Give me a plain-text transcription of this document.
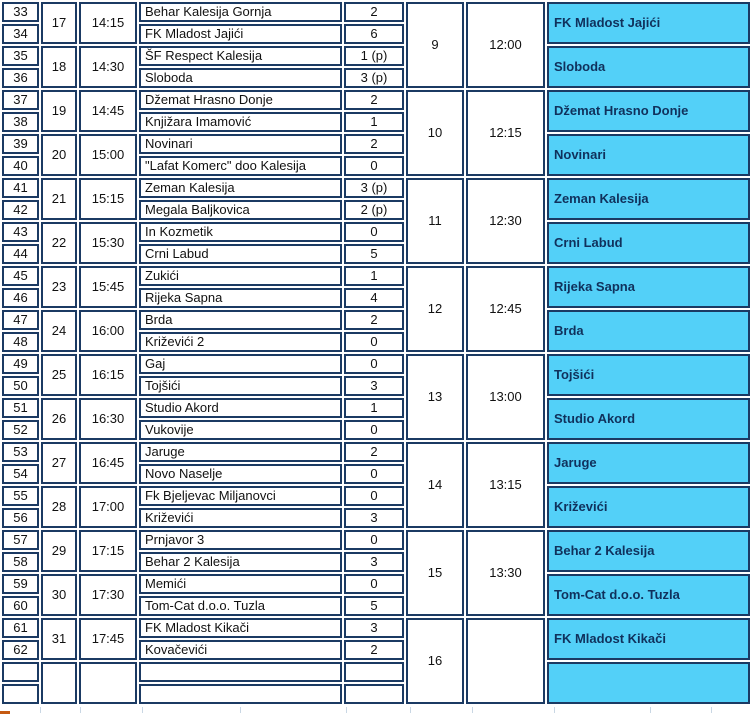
33	17	14:15	Behar Kalesija Gornja	2	9	12:00	FK Mladost Jajići
34			FK Mladost Jajići	6			
35	18	14:30	ŠF Respect Kalesija	1 (p)			Sloboda
36			Sloboda	3 (p)			
37	19	14:45	Džemat Hrasno Donje	2	10	12:15	Džemat Hrasno Donje
38			Knjižara Imamović	1			
39	20	15:00	Novinari	2			Novinari
40			"Lafat Komerc" doo Kalesija	0			
41	21	15:15	Zeman Kalesija	3 (p)	11	12:30	Zeman Kalesija
42			Megala Baljkovica	2 (p)			
43	22	15:30	In Kozmetik	0			Crni Labud
44			Crni Labud	5			
45	23	15:45	Zukići	1	12	12:45	Rijeka Sapna
46			Rijeka Sapna	4			
47	24	16:00	Brda	2			Brda
48			Križevići 2	0			
49	25	16:15	Gaj	0	13	13:00	Tojšići
50			Tojšići	3			
51	26	16:30	Studio Akord	1			Studio Akord
52			Vukovije	0			
53	27	16:45	Jaruge	2	14	13:15	Jaruge
54			Novo Naselje	0			
55	28	17:00	Fk Bjeljevac Miljanovci	0			Križevići
56			Križevići	3			
57	29	17:15	Prnjavor 3	0	15	13:30	Behar 2 Kalesija
58			Behar 2 Kalesija	3			
59	30	17:30	Memići	0			Tom-Cat d.o.o. Tuzla
60			Tom-Cat d.o.o. Tuzla	5			
61	31	17:45	FK Mladost Kikači	3	16		FK Mladost Kikači
62			Kovačevići	2			
